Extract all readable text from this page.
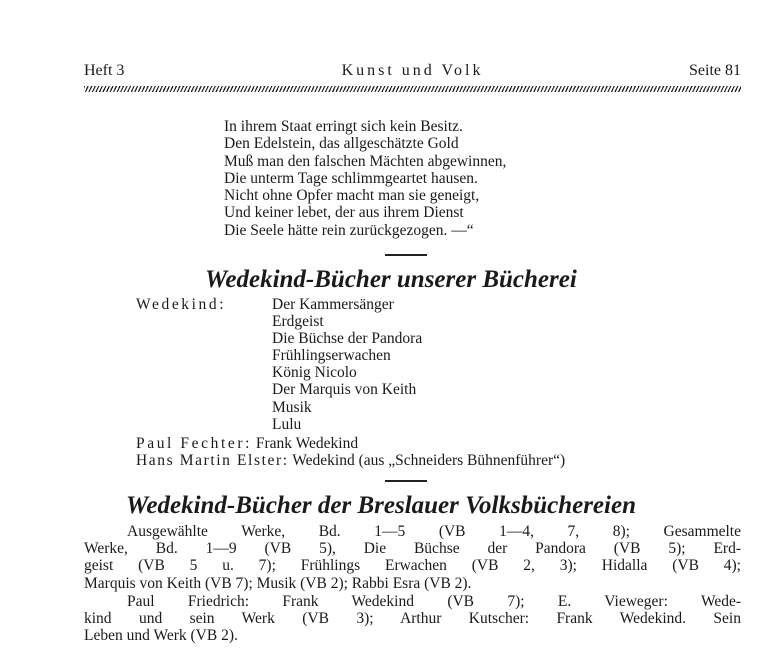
Heft 3	Kunst und Volk	Seite 81
In ihrem Staat erringt sich kein Besitz.
Den Edelstein, das allgeschätzte Gold
Muß man den falschen Mächten abgewinnen,
Die unterm Tage schlimmgeartet hausen.
Nicht ohne Opfer macht man sie geneigt,
Und keiner lebet, der aus ihrem Dienst
Die Seele hätte rein zurückgezogen. —“
Wedekind-Bücher unserer Bücherei
Wedekind:	Der Kammersänger
Erdgeist
Die Büchse der Pandora
Frühlingserwachen
König Nicolo
Der Marquis von Keith
Musik
Lulu
Paul Fechter: Frank Wedekind
Hans Martin Elster: Wedekind (aus „Schneiders Bühnenführer“)
Wedekind-Bücher der Breslauer Volksbüchereien
Ausgewählte Werke, Bd. 1—5 (VB 1—4, 7, 8); Gesammelte
Werke, Bd. 1—9 (VB 5), Die Büchse der Pandora (VB 5); Erd-
geist (VB 5 u. 7); Frühlings Erwachen (VB 2, 3); Hidalla (VB 4);
Marquis von Keith (VB 7); Musik (VB 2); Rabbi Esra (VB 2).
Paul Friedrich: Frank Wedekind (VB 7); E. Vieweger: Wede-
kind und sein Werk (VB 3); Arthur Kutscher: Frank Wedekind. Sein
Leben und Werk (VB 2).
